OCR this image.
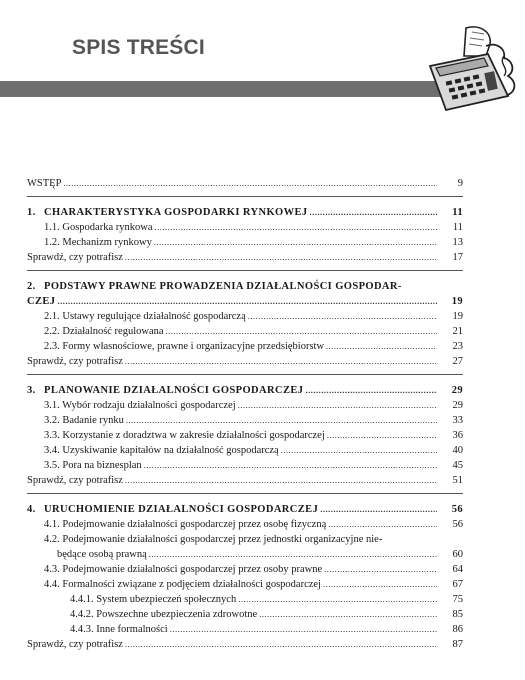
SPIS TREŚCI
WSTĘP .....	9
1. CHARAKTERYSTYKA GOSPODARKI RYNKOWEJ .....	11
1.1. Gospodarka rynkowa .....	11
1.2. Mechanizm rynkowy .....	13
Sprawdź, czy potrafisz .....	17
2. PODSTAWY PRAWNE PROWADZENIA DZIAŁALNOŚCI GOSPODAR-
CZEJ .....	19
2.1. Ustawy regulujące działalność gospodarczą .....	19
2.2. Działalność regulowana .....	21
2.3. Formy własnościowe, prawne i organizacyjne przedsiębiorstw .....	23
Sprawdź, czy potrafisz .....	27
3. PLANOWANIE DZIAŁALNOŚCI GOSPODARCZEJ .....	29
3.1. Wybór rodzaju działalności gospodarczej .....	29
3.2. Badanie rynku .....	33
3.3. Korzystanie z doradztwa w zakresie działalności gospodarczej .....	36
3.4. Uzyskiwanie kapitałów na działalność gospodarczą .....	40
3.5. Pora na biznesplan .....	45
Sprawdź, czy potrafisz .....	51
4. URUCHOMIENIE DZIAŁALNOŚCI GOSPODARCZEJ .....	56
4.1. Podejmowanie działalności gospodarczej przez osobę fizyczną .....	56
4.2. Podejmowanie działalności gospodarczej przez jednostki organizacyjne nie-
będące osobą prawną .....	60
4.3. Podejmowanie działalności gospodarczej przez osoby prawne .....	64
4.4. Formalności związane z podjęciem działalności gospodarczej .....	67
4.4.1. System ubezpieczeń społecznych .....	75
4.4.2. Powszechne ubezpieczenia zdrowotne .....	85
4.4.3. Inne formalności .....	86
Sprawdź, czy potrafisz .....	87
